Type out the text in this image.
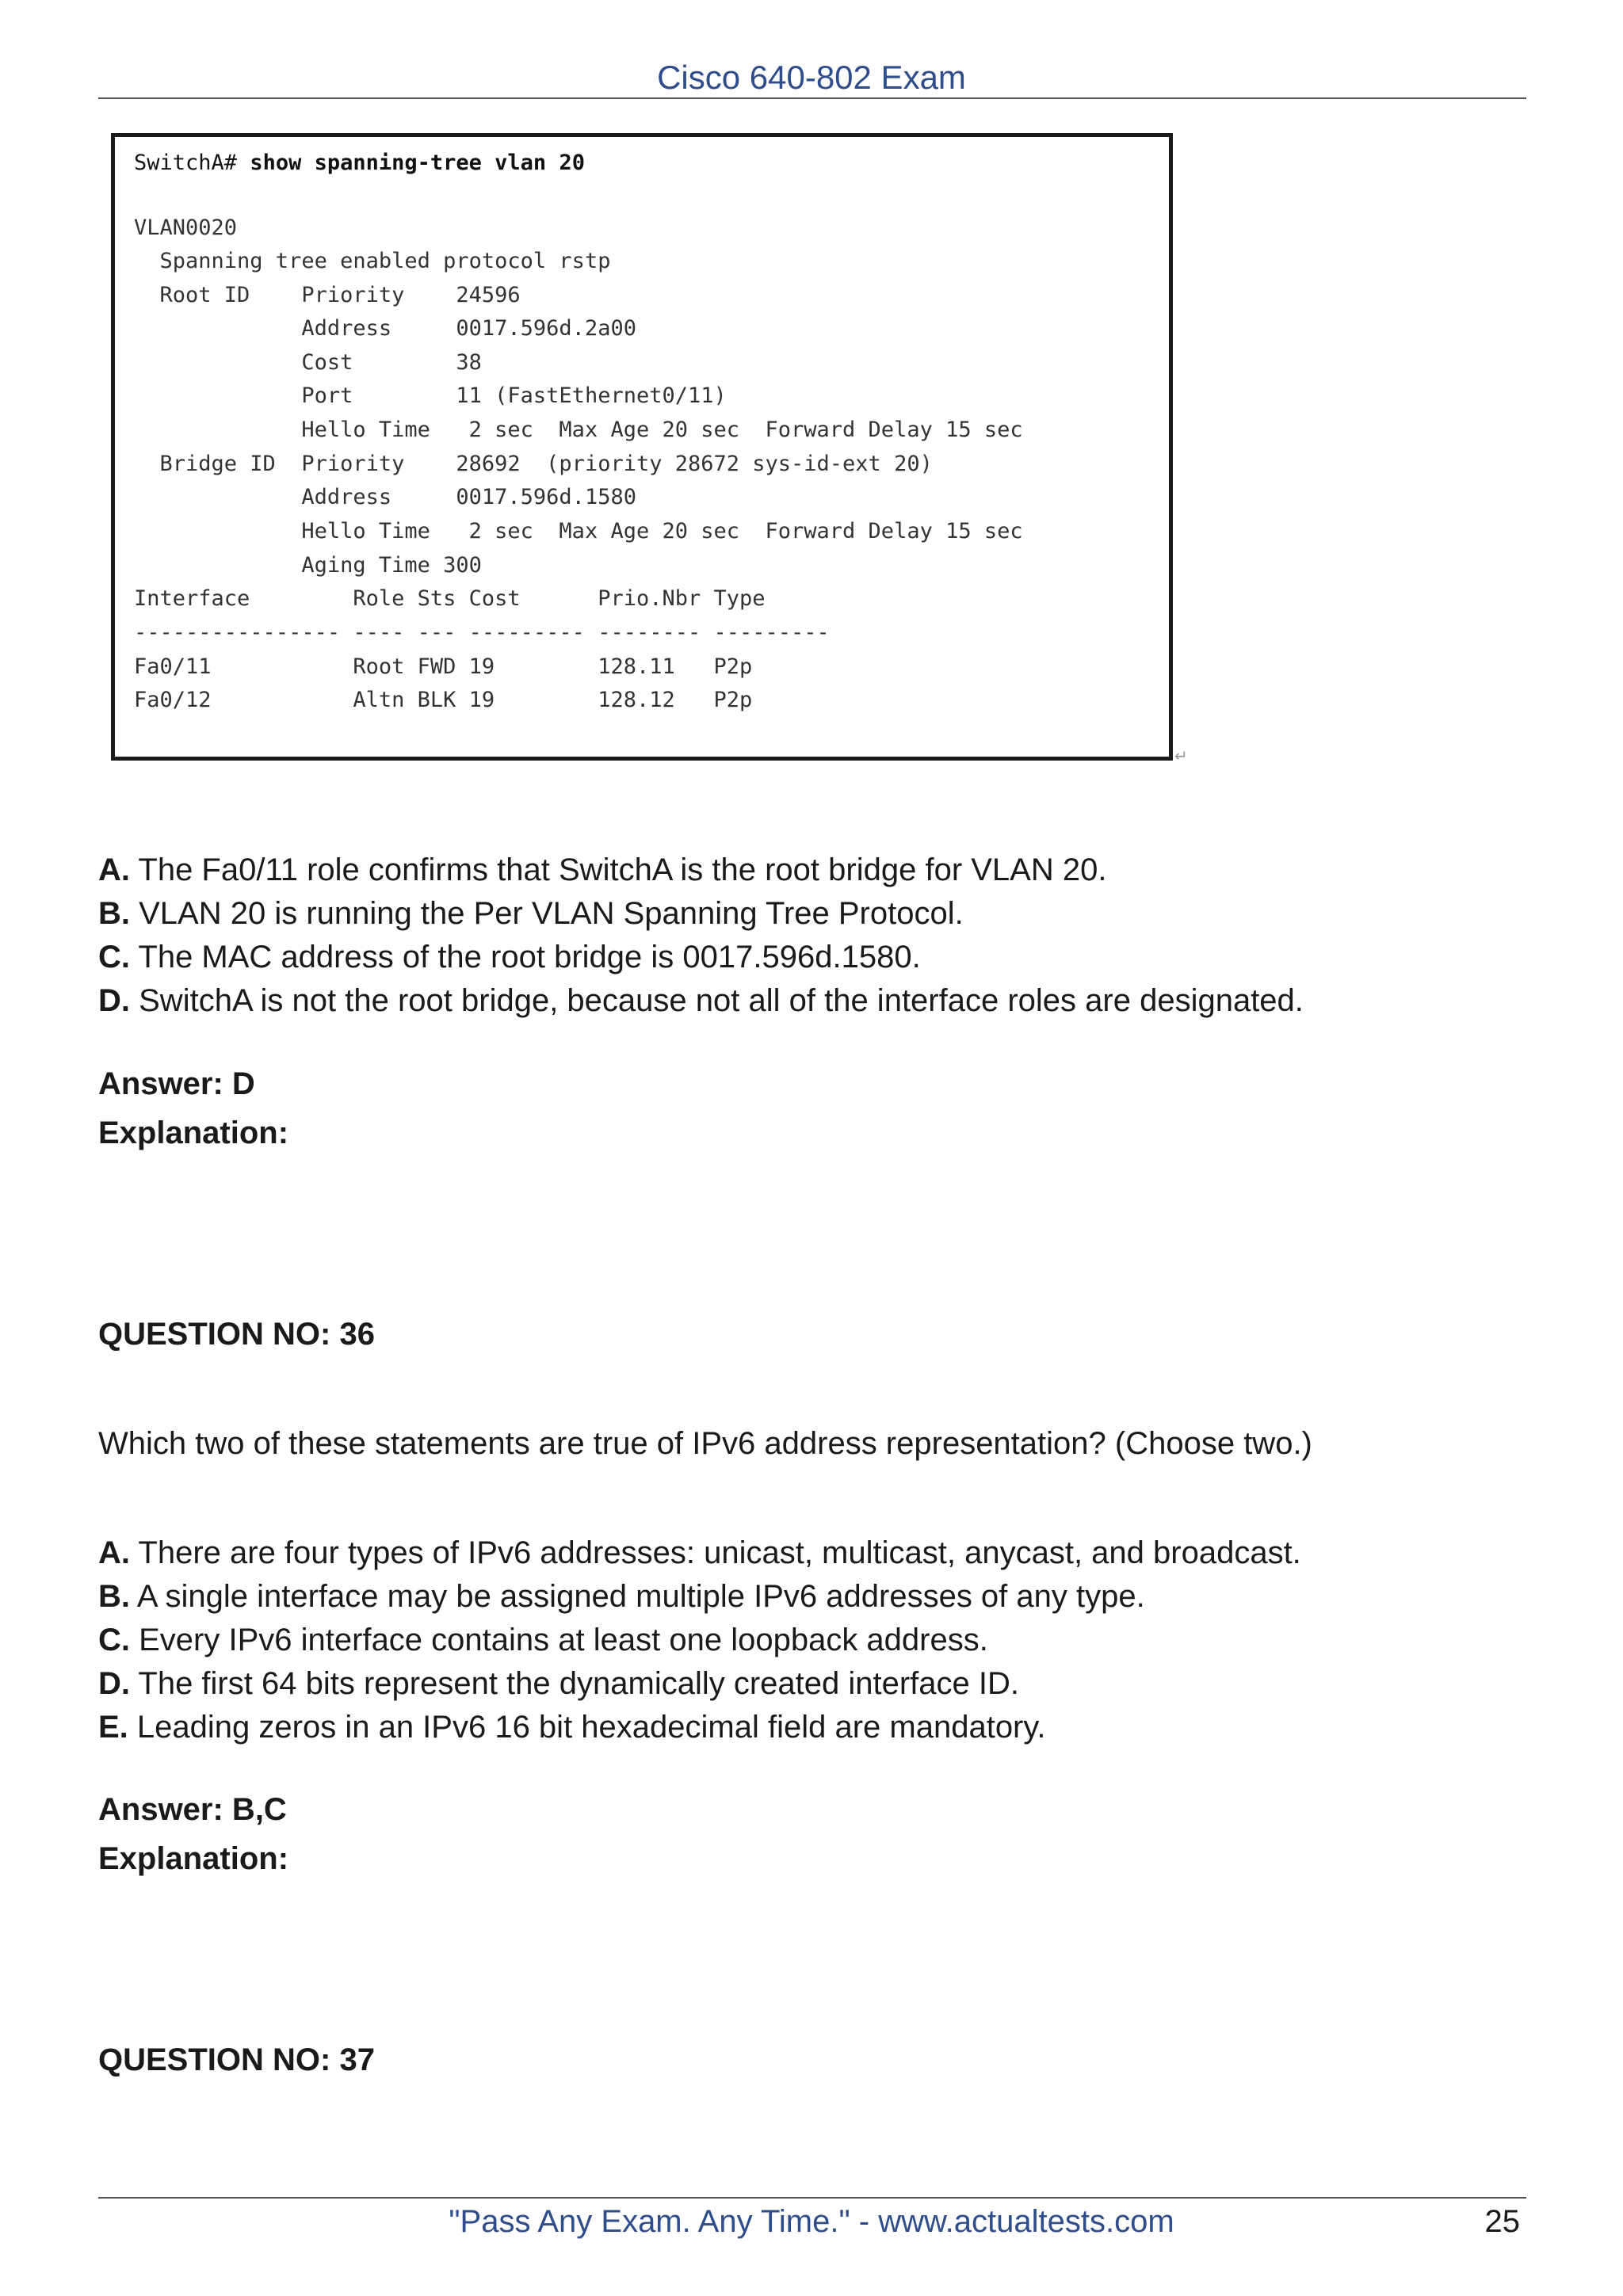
Cisco 640-802 Exam
SwitchA# show spanning-tree vlan 20
VLAN0020
Spanning tree enabled protocol rstp
Root ID    Priority    24596
Address     0017.596d.2a00
Cost        38
Port        11 (FastEthernet0/11)
Hello Time   2 sec  Max Age 20 sec  Forward Delay 15 sec
Bridge ID  Priority    28692  (priority 28672 sys-id-ext 20)
Address     0017.596d.1580
Hello Time   2 sec  Max Age 20 sec  Forward Delay 15 sec
Aging Time 300
Interface        Role Sts Cost      Prio.Nbr Type
---------------- ---- --- --------- -------- ---------
Fa0/11           Root FWD 19        128.11   P2p
Fa0/12           Altn BLK 19        128.12   P2p
↵
A. The Fa0/11 role confirms that SwitchA is the root bridge for VLAN 20.
B. VLAN 20 is running the Per VLAN Spanning Tree Protocol.
C. The MAC address of the root bridge is 0017.596d.1580.
D. SwitchA is not the root bridge, because not all of the interface roles are designated.
Answer: D
Explanation:
QUESTION NO: 36
Which two of these statements are true of IPv6 address representation? (Choose two.)
A. There are four types of IPv6 addresses: unicast, multicast, anycast, and broadcast.
B. A single interface may be assigned multiple IPv6 addresses of any type.
C. Every IPv6 interface contains at least one loopback address.
D. The first 64 bits represent the dynamically created interface ID.
E. Leading zeros in an IPv6 16 bit hexadecimal field are mandatory.
Answer: B,C
Explanation:
QUESTION NO: 37
"Pass Any Exam. Any Time." - www.actualtests.com	25
